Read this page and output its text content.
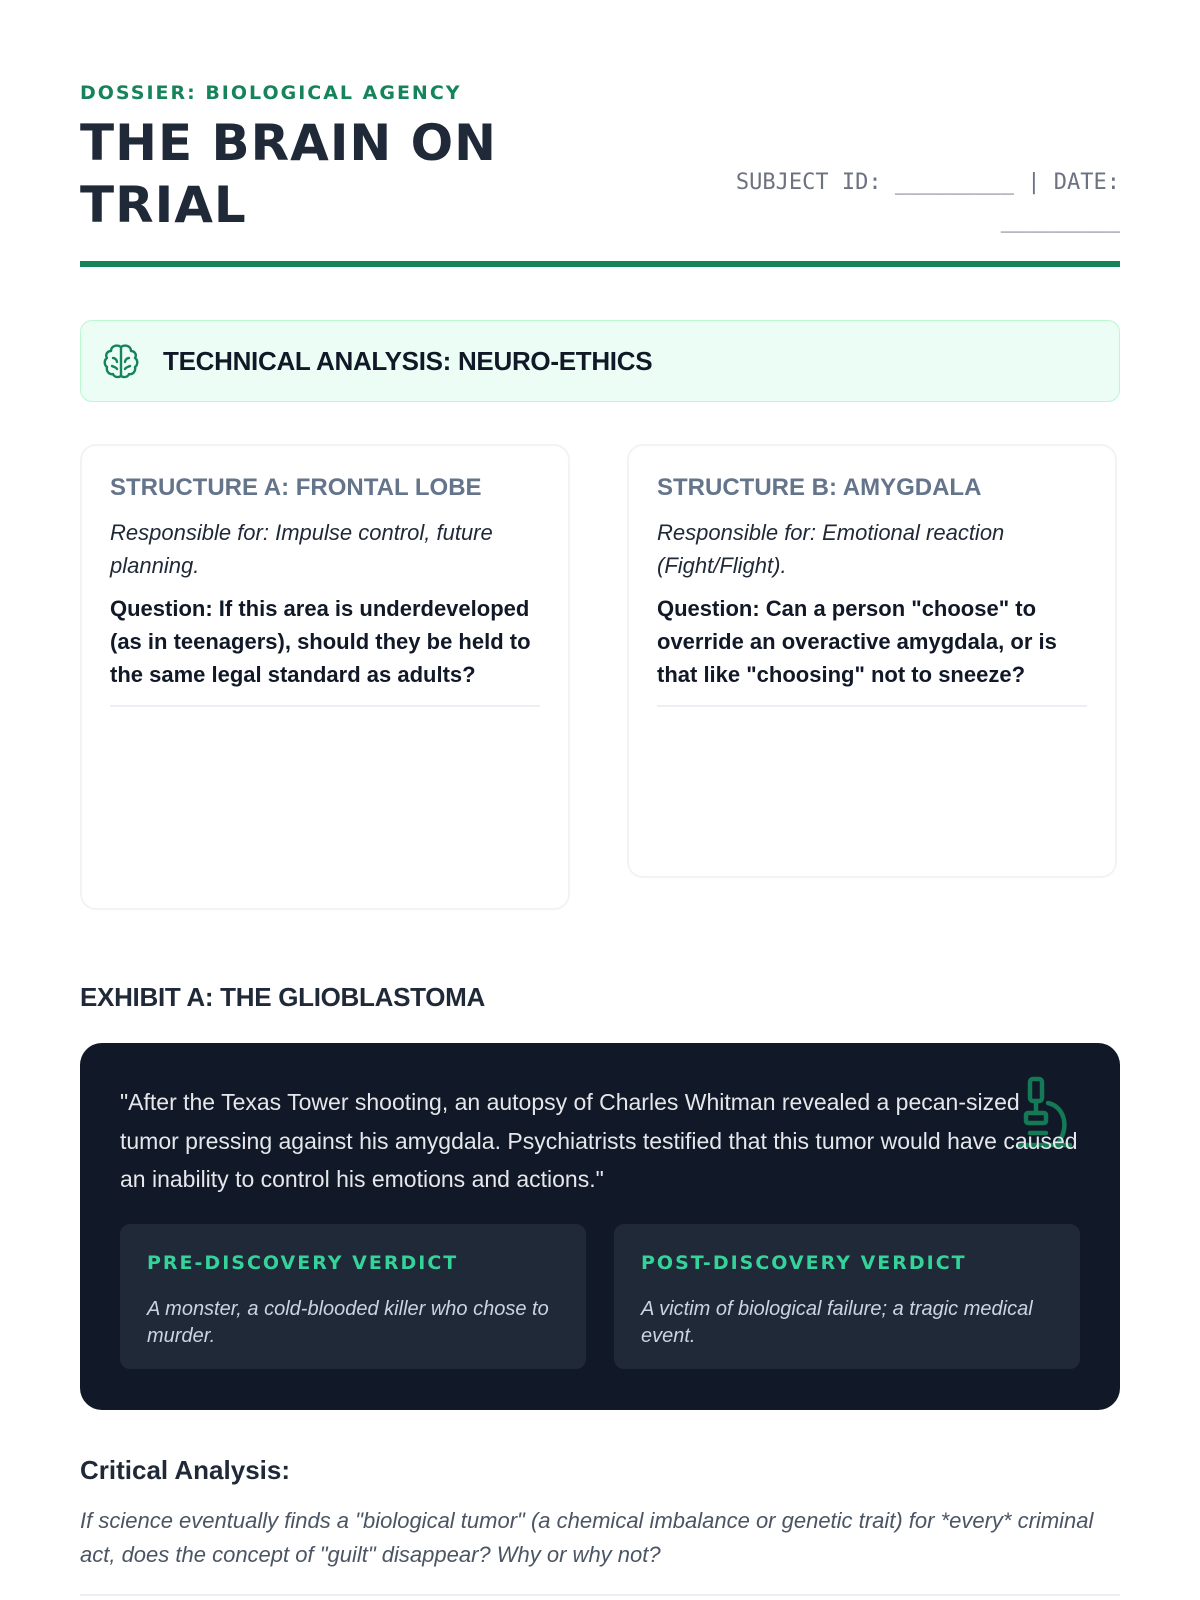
DOSSIER: BIOLOGICAL AGENCY
THE BRAIN ON TRIAL	SUBJECT ID: _________ | DATE: _________
TECHNICAL ANALYSIS: NEURO-ETHICS
STRUCTURE A: FRONTAL LOBE

Responsible for: Impulse control, future planning.

Question: If this area is underdeveloped (as in teenagers), should they be held to the same legal standard as adults?

STRUCTURE B: AMYGDALA

Responsible for: Emotional reaction (Fight/Flight).

Question: Can a person "choose" to override an overactive amygdala, or is that like "choosing" not to sneeze?

EXHIBIT A: THE GLIOBLASTOMA
"After the Texas Tower shooting, an autopsy of Charles Whitman revealed a pecan-sized tumor pressing against his amygdala. Psychiatrists testified that this tumor would have caused an inability to control his emotions and actions."
PRE-DISCOVERY VERDICT
A monster, a cold-blooded killer who chose to murder.
POST-DISCOVERY VERDICT
A victim of biological failure; a tragic medical event.
Critical Analysis:
If science eventually finds a "biological tumor" (a chemical imbalance or genetic trait) for *every* criminal act, does the concept of "guilt" disappear? Why or why not?
